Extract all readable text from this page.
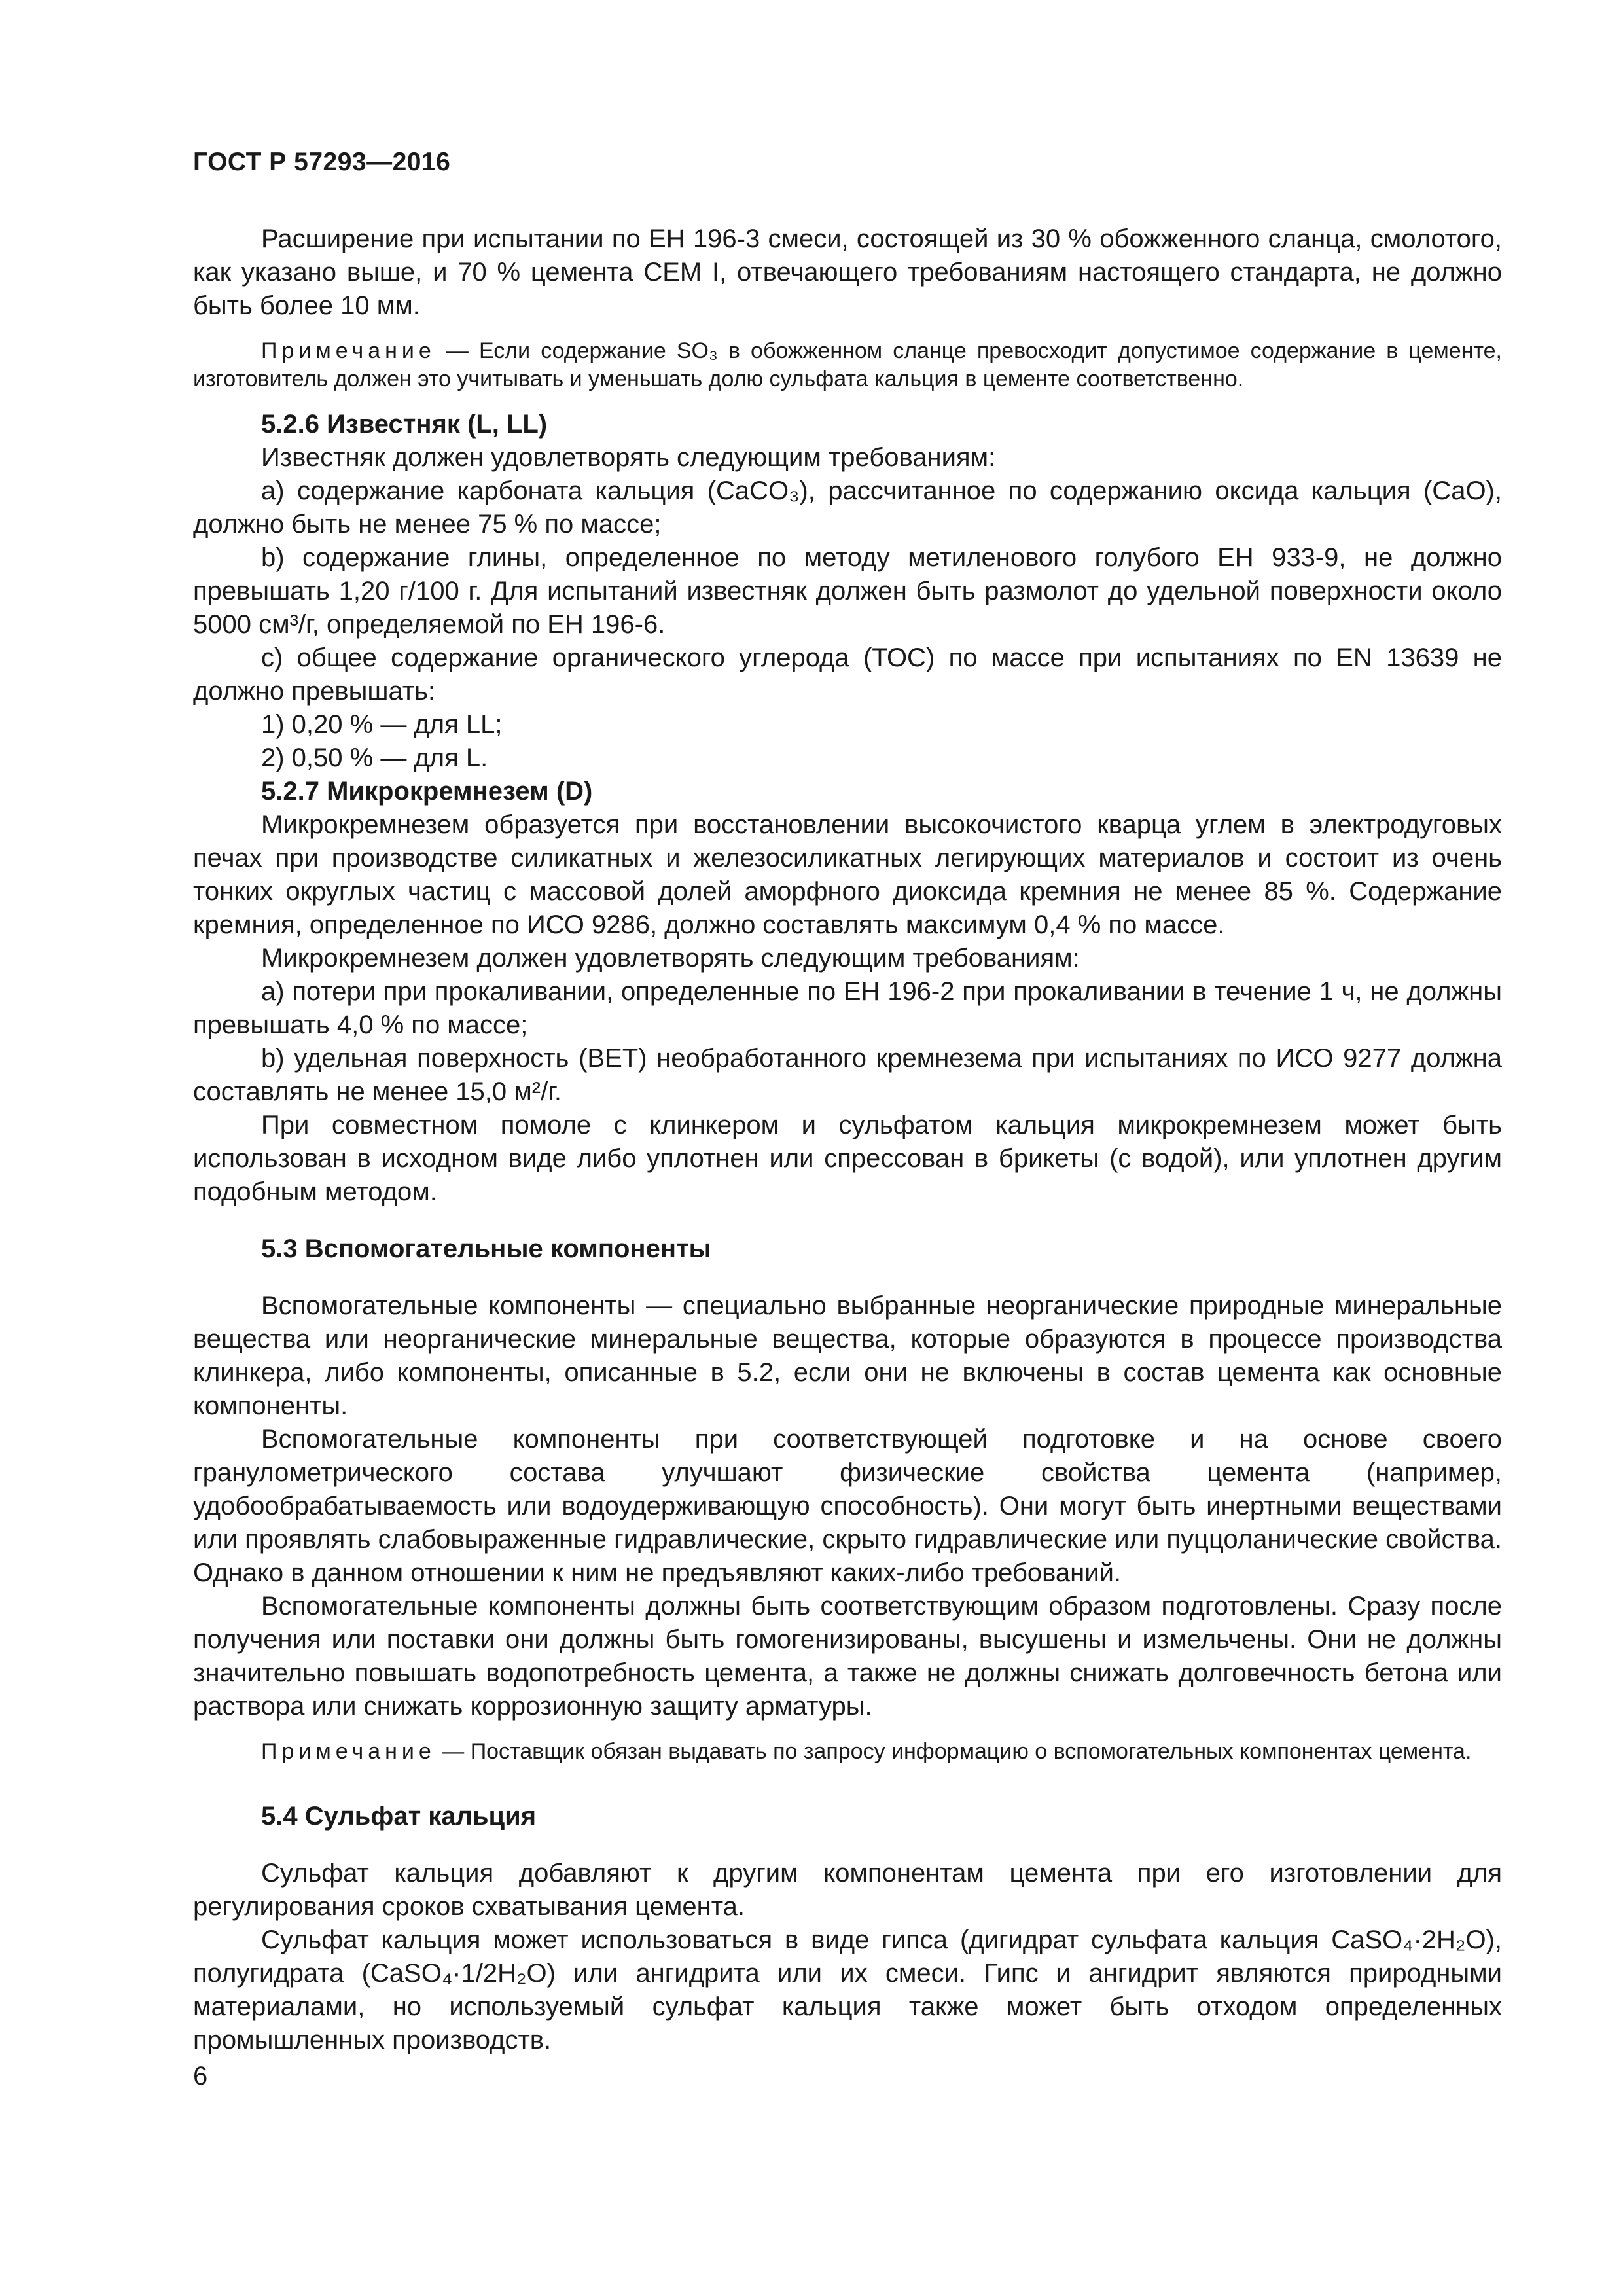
ГОСТ Р 57293—2016

Расширение при испытании по ЕН 196-3 смеси, состоящей из 30 % обожженного сланца, смолотого, как указано выше, и 70 % цемента СЕМ I, отвечающего требованиям настоящего стандарта, не должно быть более 10 мм.

Примечание — Если содержание SO₃ в обожженном сланце превосходит допустимое содержание в цементе, изготовитель должен это учитывать и уменьшать долю сульфата кальция в цементе соответственно.

5.2.6 Известняк (L, LL)

Известняк должен удовлетворять следующим требованиям:

a) содержание карбоната кальция (CaCO₃), рассчитанное по содержанию оксида кальция (CaO), должно быть не менее 75 % по массе;

b) содержание глины, определенное по методу метиленового голубого ЕН 933-9, не должно превышать 1,20 г/100 г. Для испытаний известняк должен быть размолот до удельной поверхности около 5000 см³/г, определяемой по ЕН 196-6.

c) общее содержание органического углерода (ТОС) по массе при испытаниях по EN 13639 не должно превышать:

1) 0,20 % — для LL;

2) 0,50 % — для L.

5.2.7 Микрокремнезем (D)

Микрокремнезем образуется при восстановлении высокочистого кварца углем в электродуговых печах при производстве силикатных и железосиликатных легирующих материалов и состоит из очень тонких округлых частиц с массовой долей аморфного диоксида кремния не менее 85 %. Содержание кремния, определенное по ИСО 9286, должно составлять максимум 0,4 % по массе.

Микрокремнезем должен удовлетворять следующим требованиям:

a) потери при прокаливании, определенные по ЕН 196-2 при прокаливании в течение 1 ч, не должны превышать 4,0 % по массе;

b) удельная поверхность (ВЕТ) необработанного кремнезема при испытаниях по ИСО 9277 должна составлять не менее 15,0 м²/г.

При совместном помоле с клинкером и сульфатом кальция микрокремнезем может быть использован в исходном виде либо уплотнен или спрессован в брикеты (с водой), или уплотнен другим подобным методом.

5.3 Вспомогательные компоненты

Вспомогательные компоненты — специально выбранные неорганические природные минеральные вещества или неорганические минеральные вещества, которые образуются в процессе производства клинкера, либо компоненты, описанные в 5.2, если они не включены в состав цемента как основные компоненты.

Вспомогательные компоненты при соответствующей подготовке и на основе своего гранулометрического состава улучшают физические свойства цемента (например, удобообрабатываемость или водоудерживающую способность). Они могут быть инертными веществами или проявлять слабовыраженные гидравлические, скрыто гидравлические или пуццоланические свойства. Однако в данном отношении к ним не предъявляют каких-либо требований.

Вспомогательные компоненты должны быть соответствующим образом подготовлены. Сразу после получения или поставки они должны быть гомогенизированы, высушены и измельчены. Они не должны значительно повышать водопотребность цемента, а также не должны снижать долговечность бетона или раствора или снижать коррозионную защиту арматуры.

Примечание — Поставщик обязан выдавать по запросу информацию о вспомогательных компонентах цемента.

5.4 Сульфат кальция

Сульфат кальция добавляют к другим компонентам цемента при его изготовлении для регулирования сроков схватывания цемента.

Сульфат кальция может использоваться в виде гипса (дигидрат сульфата кальция CaSO₄·2H₂O), полугидрата (CaSO₄·1/2H₂O) или ангидрита или их смеси. Гипс и ангидрит являются природными материалами, но используемый сульфат кальция также может быть отходом определенных промышленных производств.

6
